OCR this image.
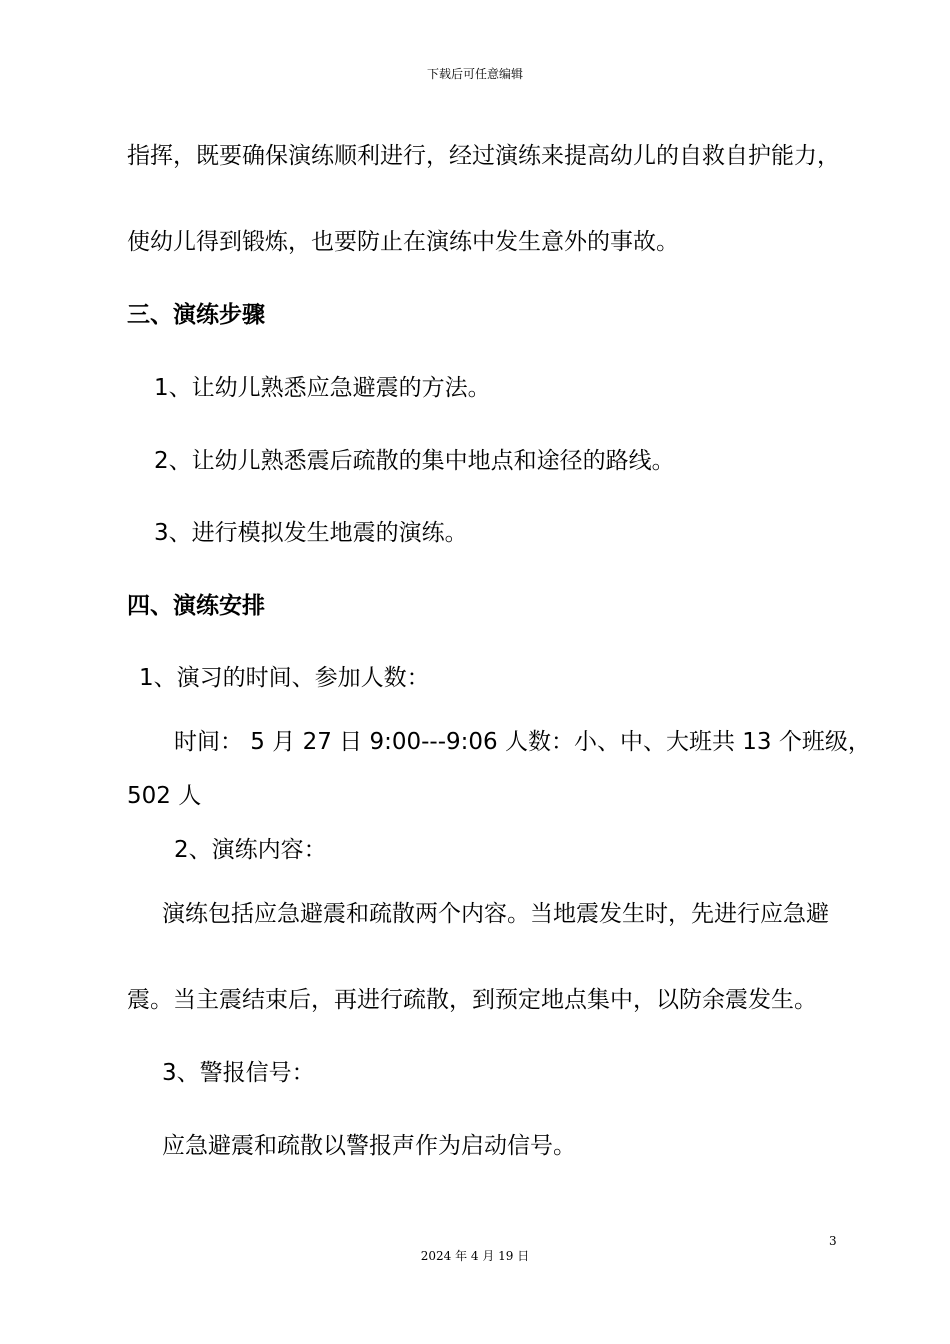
下载后可任意编辑
指挥，既要确保演练顺利进行，经过演练来提高幼儿的自救自护能力，
使幼儿得到锻炼，也要防止在演练中发生意外的事故。
三、演练步骤
1、让幼儿熟悉应急避震的方法。
2、让幼儿熟悉震后疏散的集中地点和途径的路线。
3、进行模拟发生地震的演练。
四、演练安排
1、演习的时间、参加人数：
时间： 5 月 27 日 9:00---9:06 人数：小、中、大班共 13 个班级，
502 人
2、演练内容：
演练包括应急避震和疏散两个内容。当地震发生时，先进行应急避
震。当主震结束后，再进行疏散，到预定地点集中，以防余震发生。
3、警报信号：
应急避震和疏散以警报声作为启动信号。
3
2024 年 4 月 19 日
